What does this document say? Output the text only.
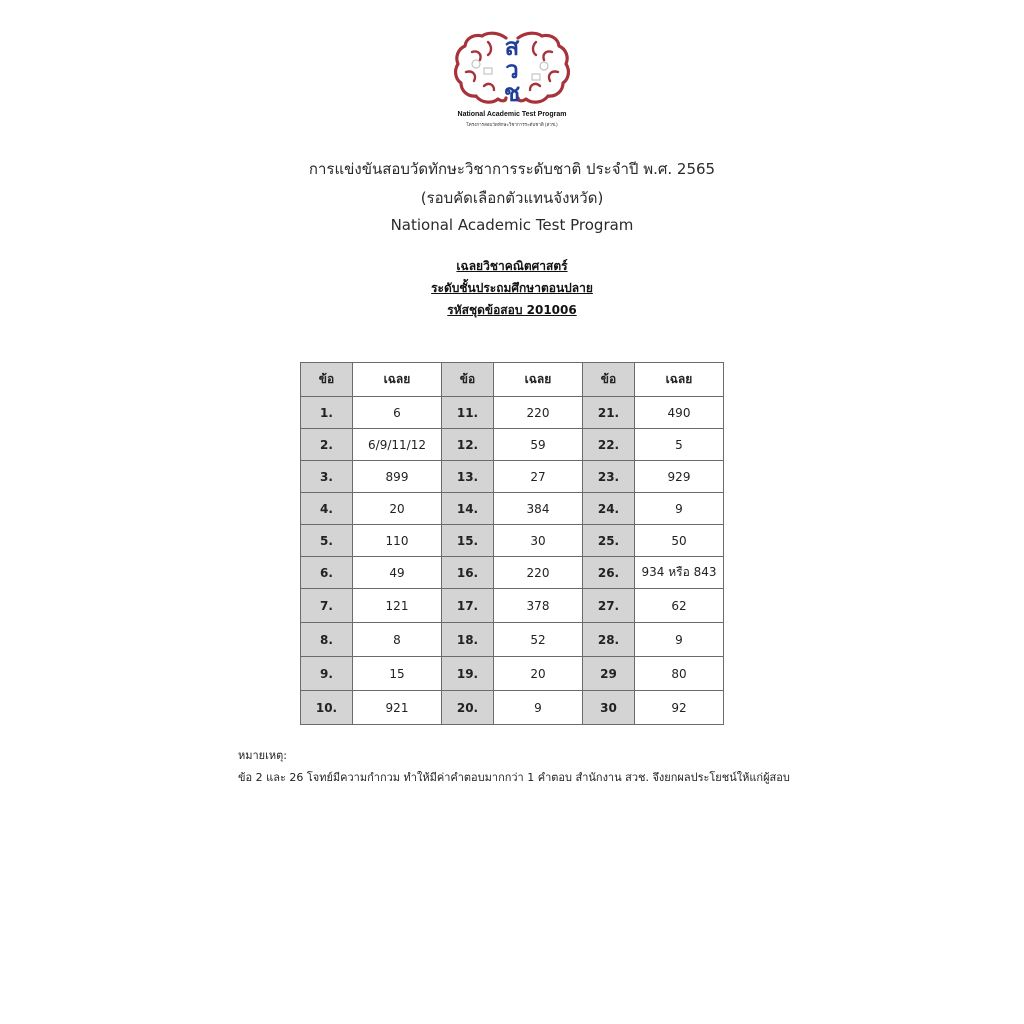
ส
ว
ช
National Academic Test Program
โครงการสอบวัดทักษะวิชาการระดับชาติ (สวช.)
การแข่งขันสอบวัดทักษะวิชาการระดับชาติ ประจำปี พ.ศ. 2565
(รอบคัดเลือกตัวแทนจังหวัด)
National Academic Test Program
เฉลยวิชาคณิตศาสตร์
ระดับชั้นประถมศึกษาตอนปลาย
รหัสชุดข้อสอบ 201006
ข้อ	เฉลย	ข้อ	เฉลย	ข้อ	เฉลย
1.	6	11.	220	21.	490
2.	6/9/11/12	12.	59	22.	5
3.	899	13.	27	23.	929
4.	20	14.	384	24.	9
5.	110	15.	30	25.	50
6.	49	16.	220	26.	934 หรือ 843
7.	121	17.	378	27.	62
8.	8	18.	52	28.	9
9.	15	19.	20	29	80
10.	921	20.	9	30	92
หมายเหตุ:
ข้อ 2 และ 26 โจทย์มีความกำกวม ทำให้มีค่าคำตอบมากกว่า 1 คำตอบ สำนักงาน สวช. จึงยกผลประโยชน์ให้แก่ผู้สอบ
